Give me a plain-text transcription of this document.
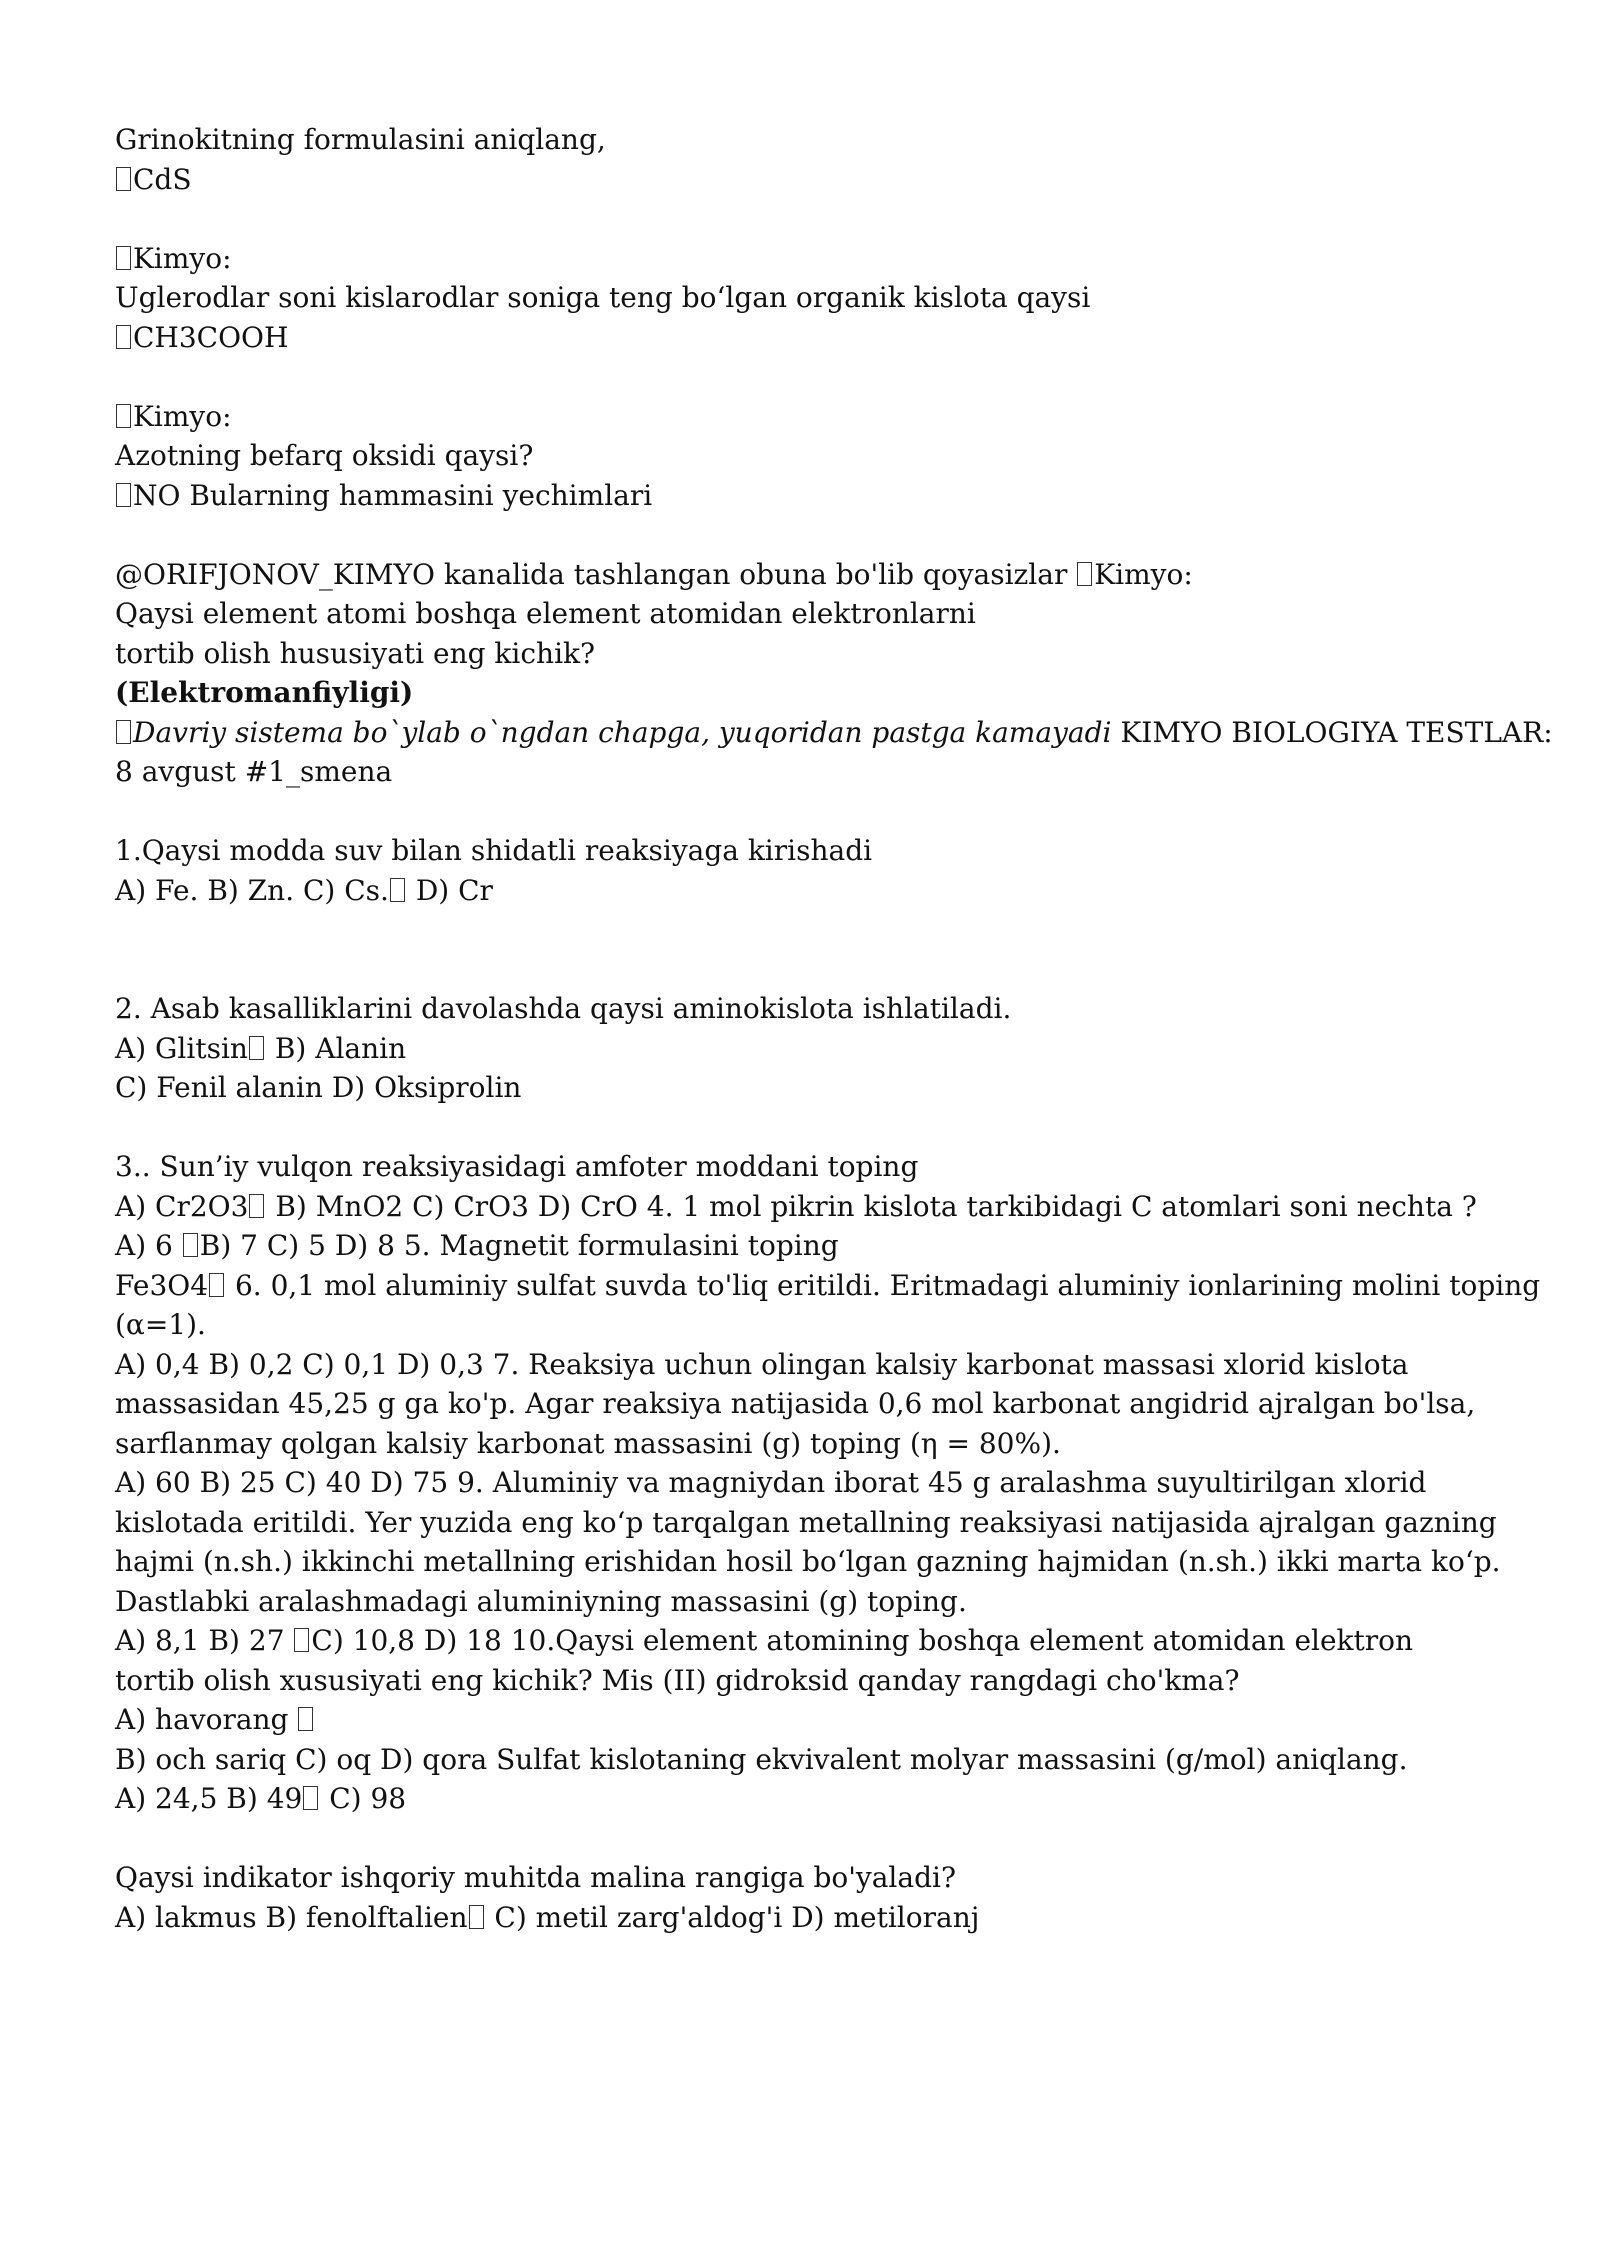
Grinokitning formulasini aniqlang,
CdS
Kimyo:
Uglerodlar soni kislarodlar soniga teng bo‘lgan organik kislota qaysi
CH3COOH
Kimyo:
Azotning befarq oksidi qaysi?
NO Bularning hammasini yechimlari
@ORIFJONOV_KIMYO kanalida tashlangan obuna bo'lib qoyasizlar Kimyo:
Qaysi element atomi boshqa element atomidan elektronlarni
tortib olish hususiyati eng kichik?
(Elektromanfiyligi)
Davriy sistema bo`ylab o`ngdan chapga, yuqoridan pastga kamayadi KIMYO BIOLOGIYA TESTLAR:
8 avgust #1_smena
1.Qaysi modda suv bilan shidatli reaksiyaga kirishadi
A) Fe. B) Zn. C) Cs. D) Cr
2. Asab kasalliklarini davolashda qaysi aminokislota ishlatiladi.
A) Glitsin B) Alanin
C) Fenil alanin D) Oksiprolin
3.. Sun’iy vulqon reaksiyasidagi amfoter moddani toping
A) Cr2O3 B) MnO2 C) CrO3 D) CrO 4. 1 mol pikrin kislota tarkibidagi C atomlari soni nechta ?
A) 6 B) 7 C) 5 D) 8 5. Magnetit formulasini toping
Fe3O4 6. 0,1 mol aluminiy sulfat suvda to'liq eritildi. Eritmadagi aluminiy ionlarining molini toping
(α=1).
A) 0,4 B) 0,2 C) 0,1 D) 0,3 7. Reaksiya uchun olingan kalsiy karbonat massasi xlorid kislota
massasidan 45,25 g ga ko'p. Agar reaksiya natijasida 0,6 mol karbonat angidrid ajralgan bo'lsa,
sarflanmay qolgan kalsiy karbonat massasini (g) toping (η = 80%).
A) 60 B) 25 C) 40 D) 75 9. Aluminiy va magniydan iborat 45 g aralashma suyultirilgan xlorid
kislotada eritildi. Yer yuzida eng ko‘p tarqalgan metallning reaksiyasi natijasida ajralgan gazning
hajmi (n.sh.) ikkinchi metallning erishidan hosil bo‘lgan gazning hajmidan (n.sh.) ikki marta ko‘p.
Dastlabki aralashmadagi aluminiyning massasini (g) toping.
A) 8,1 B) 27 C) 10,8 D) 18 10.Qaysi element atomining boshqa element atomidan elektron
tortib olish xususiyati eng kichik? Mis (II) gidroksid qanday rangdagi cho'kma?
A) havorang
B) och sariq C) oq D) qora Sulfat kislotaning ekvivalent molyar massasini (g/mol) aniqlang.
A) 24,5 B) 49 C) 98
Qaysi indikator ishqoriy muhitda malina rangiga bo'yaladi?
A) lakmus B) fenolftalien C) metil zarg'aldog'i D) metiloranj
